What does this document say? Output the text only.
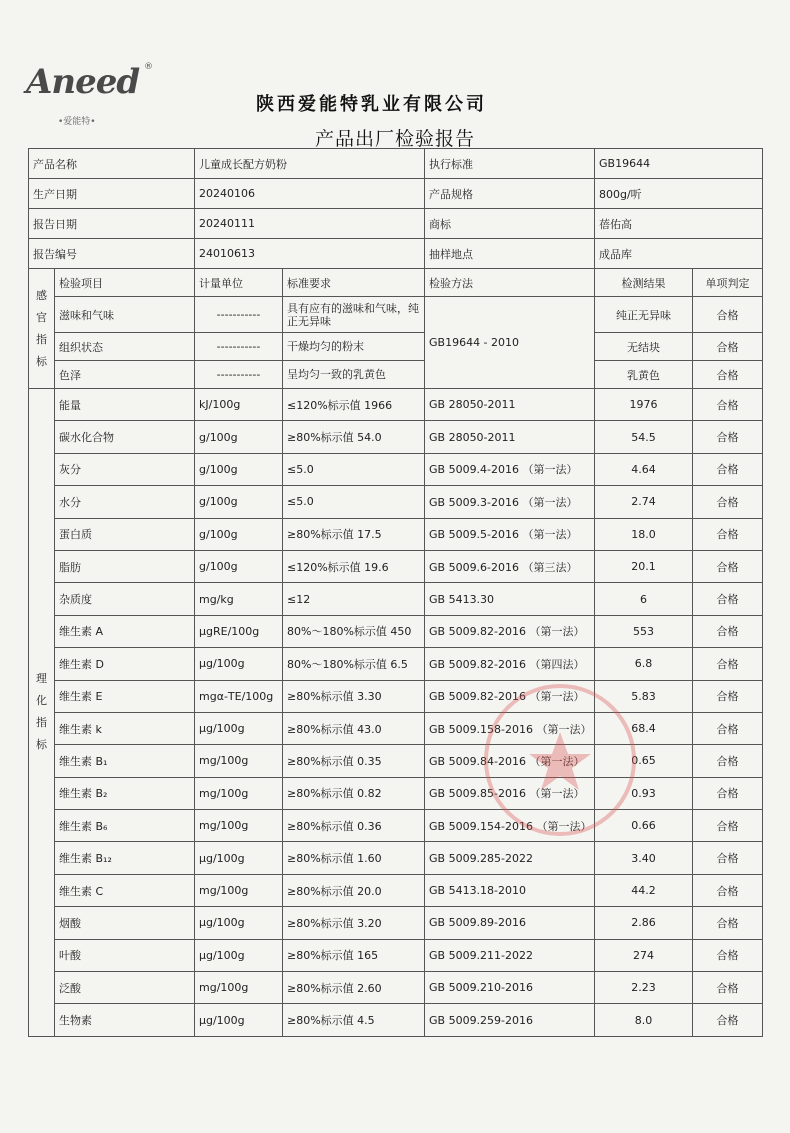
Aneed ®
•爱能特•
陕西爱能特乳业有限公司
产品出厂检验报告
产品名称		儿童成长配方奶粉		执行标准	GB19644	
生产日期		20240106		产品规格	800g/听	
报告日期		20240111		商标	蓓佑高	
报告编号		24010613		抽样地点	成品库	
感
官
指
标	检验项目	计量单位	标准要求	检验方法	检测结果	单项判定
	滋味和气味	-----------	具有应有的滋味和气味，纯正无异味	GB19644 - 2010	纯正无异味	合格
	组织状态	-----------	干燥均匀的粉末		无结块	合格
	色泽	-----------	呈均匀一致的乳黄色		乳黄色	合格
理
化
指
标	能量	kJ/100g	≤120%标示值 1966	GB 28050-2011	1976	合格
	碳水化合物	g/100g	≥80%标示值 54.0	GB 28050-2011	54.5	合格
	灰分	g/100g	≤5.0	GB 5009.4-2016 （第一法）	4.64	合格
	水分	g/100g	≤5.0	GB 5009.3-2016 （第一法）	2.74	合格
	蛋白质	g/100g	≥80%标示值 17.5	GB 5009.5-2016 （第一法）	18.0	合格
	脂肪	g/100g	≤120%标示值 19.6	GB 5009.6-2016 （第三法）	20.1	合格
	杂质度	mg/kg	≤12	GB 5413.30	6	合格
	维生素 A	μgRE/100g	80%～180%标示值 450	GB 5009.82-2016 （第一法）	553	合格
	维生素 D	μg/100g	80%～180%标示值 6.5	GB 5009.82-2016 （第四法）	6.8	合格
	维生素 E	mgα-TE/100g	≥80%标示值 3.30	GB 5009.82-2016 （第一法）	5.83	合格
	维生素 k	μg/100g	≥80%标示值 43.0	GB 5009.158-2016 （第一法）	68.4	合格
	维生素 B₁	mg/100g	≥80%标示值 0.35	GB 5009.84-2016 （第一法）	0.65	合格
	维生素 B₂	mg/100g	≥80%标示值 0.82	GB 5009.85-2016 （第一法）	0.93	合格
	维生素 B₆	mg/100g	≥80%标示值 0.36	GB 5009.154-2016 （第一法）	0.66	合格
	维生素 B₁₂	μg/100g	≥80%标示值 1.60	GB 5009.285-2022	3.40	合格
	维生素 C	mg/100g	≥80%标示值 20.0	GB 5413.18-2010	44.2	合格
	烟酸	μg/100g	≥80%标示值 3.20	GB 5009.89-2016	2.86	合格
	叶酸	μg/100g	≥80%标示值 165	GB 5009.211-2022	274	合格
	泛酸	mg/100g	≥80%标示值 2.60	GB 5009.210-2016	2.23	合格
	生物素	μg/100g	≥80%标示值 4.5	GB 5009.259-2016	8.0	合格
